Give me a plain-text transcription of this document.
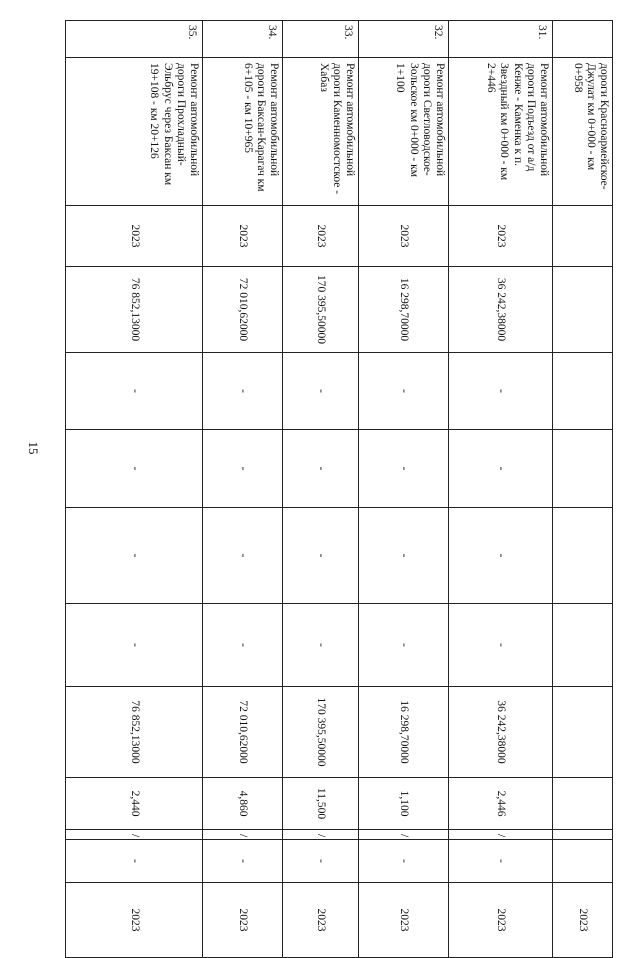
15
	дороги Красноармейское-Джулат км 0+000 - км 0+958											2023
31.	Ремонт автомобильной дороги Подъезд от а/д Кенже - Каменка к п. Звездный км 0+000 - км 2+446	2023	36 242,38000	-	-	-	-	36 242,38000	2,446	/	-	2023
32.	Ремонт автомобильной дороги Светловодское-Зольское км 0+000 - км 1+100	2023	16 298,70000	-	-	-	-	16 298,70000	1,100	/	-	2023
33.	Ремонт автомобильной дороги Каменномостское - Хабаз	2023	170 395,50000	-	-	-	-	170 395,50000	11,500	/	-	2023
34.	Ремонт автомобильной дороги Баксан-Карагач км 6+105 - км 10+965	2023	72 010,62000	-	-	-	-	72 010,62000	4,860	/	-	2023
35.	Ремонт автомобильной дороги Прохладный-Эльбрус через Баксан км 19+108 - км 20+126	2023	76 852,13000	-	-	-	-	76 852,13000	2,440	/	-	2023
